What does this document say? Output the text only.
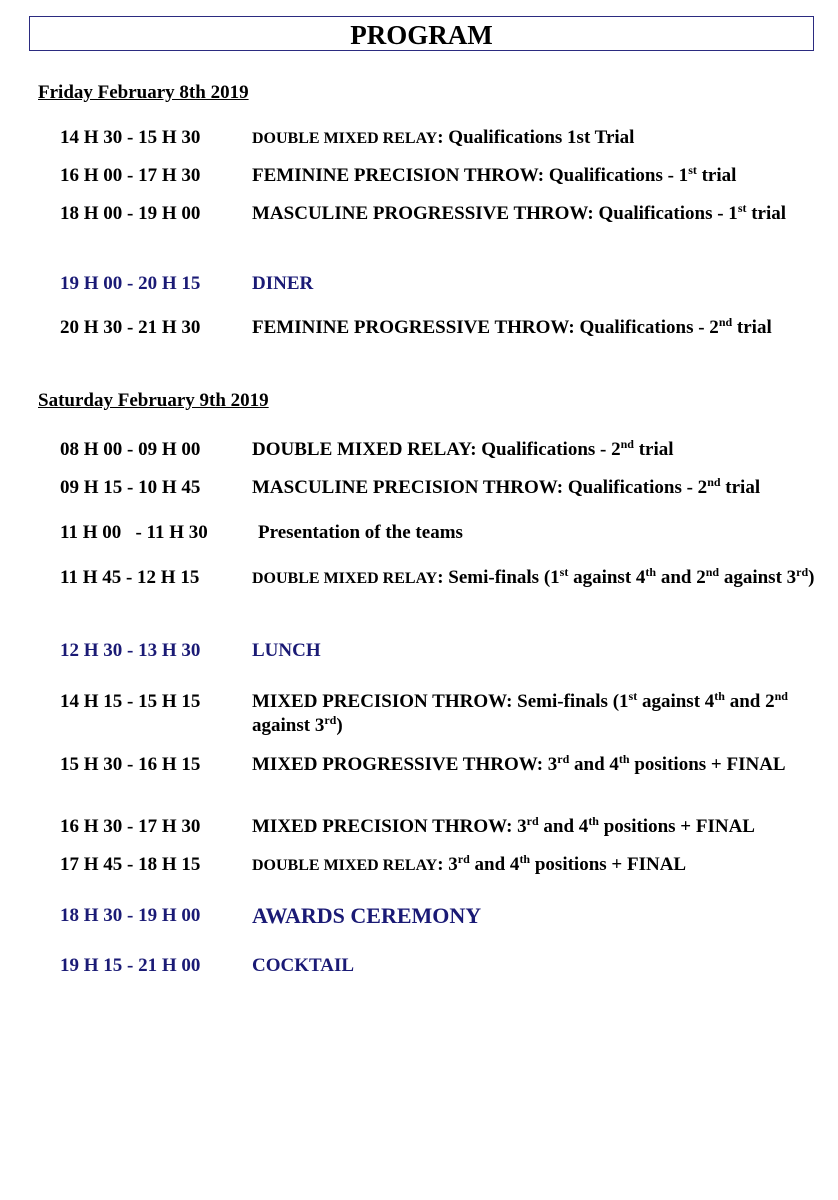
PROGRAM
Friday February 8th 2019
14 H 30 - 15 H 30	DOUBLE MIXED RELAY: Qualifications 1st Trial
16 H 00 - 17 H 30	FEMININE PRECISION THROW: Qualifications - 1st trial
18 H 00 - 19 H 00	MASCULINE PROGRESSIVE THROW: Qualifications - 1st trial
19 H 00 - 20 H 15	DINER
20 H 30 - 21 H 30	FEMININE PROGRESSIVE THROW: Qualifications - 2nd trial
Saturday February 9th 2019
08 H 00 - 09 H 00	DOUBLE MIXED RELAY: Qualifications - 2nd trial
09 H 15 - 10 H 45	MASCULINE PRECISION THROW: Qualifications - 2nd trial
11 H 00   - 11 H 30	Presentation of the teams
11 H 45 - 12 H 15	DOUBLE MIXED RELAY: Semi-finals (1st against 4th and 2nd against 3rd)
12 H 30 - 13 H 30	LUNCH
14 H 15 - 15 H 15	MIXED PRECISION THROW: Semi-finals (1st against 4th and 2nd against 3rd)
15 H 30 - 16 H 15	MIXED PROGRESSIVE THROW: 3rd and 4th positions + FINAL
16 H 30 - 17 H 30	MIXED PRECISION THROW: 3rd and 4th positions + FINAL
17 H 45 - 18 H 15	DOUBLE MIXED RELAY: 3rd and 4th positions + FINAL
18 H 30 - 19 H 00 AWARDS CEREMONY
19 H 15 - 21 H 00	COCKTAIL
